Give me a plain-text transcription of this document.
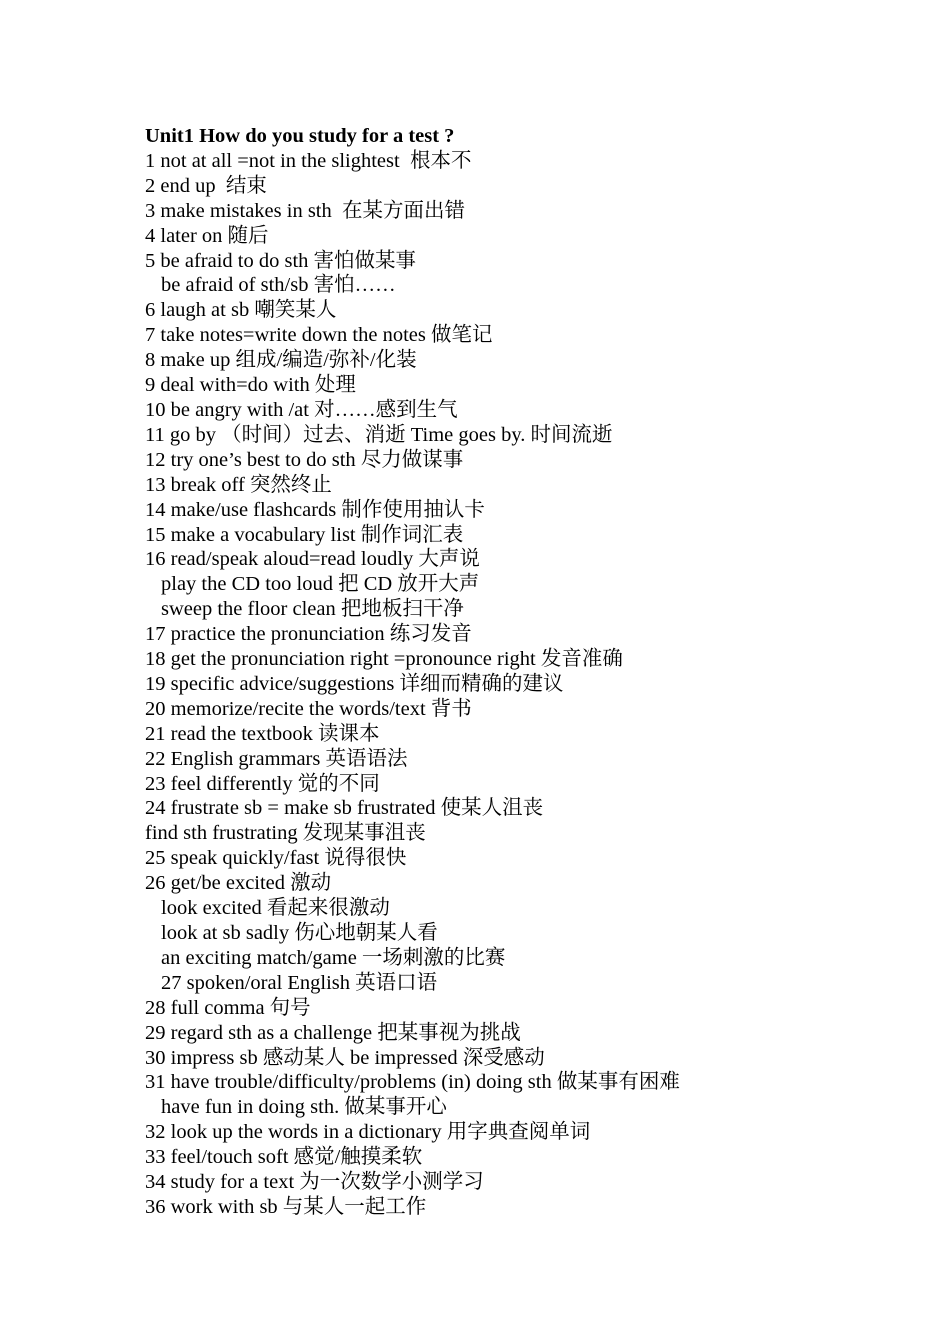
Unit1 How do you study for a test ?
1 not at all =not in the slightest  根本不
2 end up  结束
3 make mistakes in sth  在某方面出错
4 later on 随后
5 be afraid to do sth 害怕做某事
be afraid of sth/sb 害怕……
6 laugh at sb 嘲笑某人
7 take notes=write down the notes 做笔记
8 make up 组成/编造/弥补/化装
9 deal with=do with 处理
10 be angry with /at 对……感到生气
11 go by （时间）过去、消逝 Time goes by. 时间流逝
12 try one’s best to do sth 尽力做谋事
13 break off 突然终止
14 make/use flashcards 制作使用抽认卡
15 make a vocabulary list 制作词汇表
16 read/speak aloud=read loudly 大声说
play the CD too loud 把 CD 放开大声
sweep the floor clean 把地板扫干净
17 practice the pronunciation 练习发音
18 get the pronunciation right =pronounce right 发音准确
19 specific advice/suggestions 详细而精确的建议
20 memorize/recite the words/text 背书
21 read the textbook 读课本
22 English grammars 英语语法
23 feel differently 觉的不同
24 frustrate sb = make sb frustrated 使某人沮丧
find sth frustrating 发现某事沮丧
25 speak quickly/fast 说得很快
26 get/be excited 激动
look excited 看起来很激动
look at sb sadly 伤心地朝某人看
an exciting match/game 一场刺激的比赛
27 spoken/oral English 英语口语
28 full comma 句号
29 regard sth as a challenge 把某事视为挑战
30 impress sb 感动某人 be impressed 深受感动
31 have trouble/difficulty/problems (in) doing sth 做某事有困难
have fun in doing sth. 做某事开心
32 look up the words in a dictionary 用字典查阅单词
33 feel/touch soft 感觉/触摸柔软
34 study for a text 为一次数学小测学习
36 work with sb 与某人一起工作
